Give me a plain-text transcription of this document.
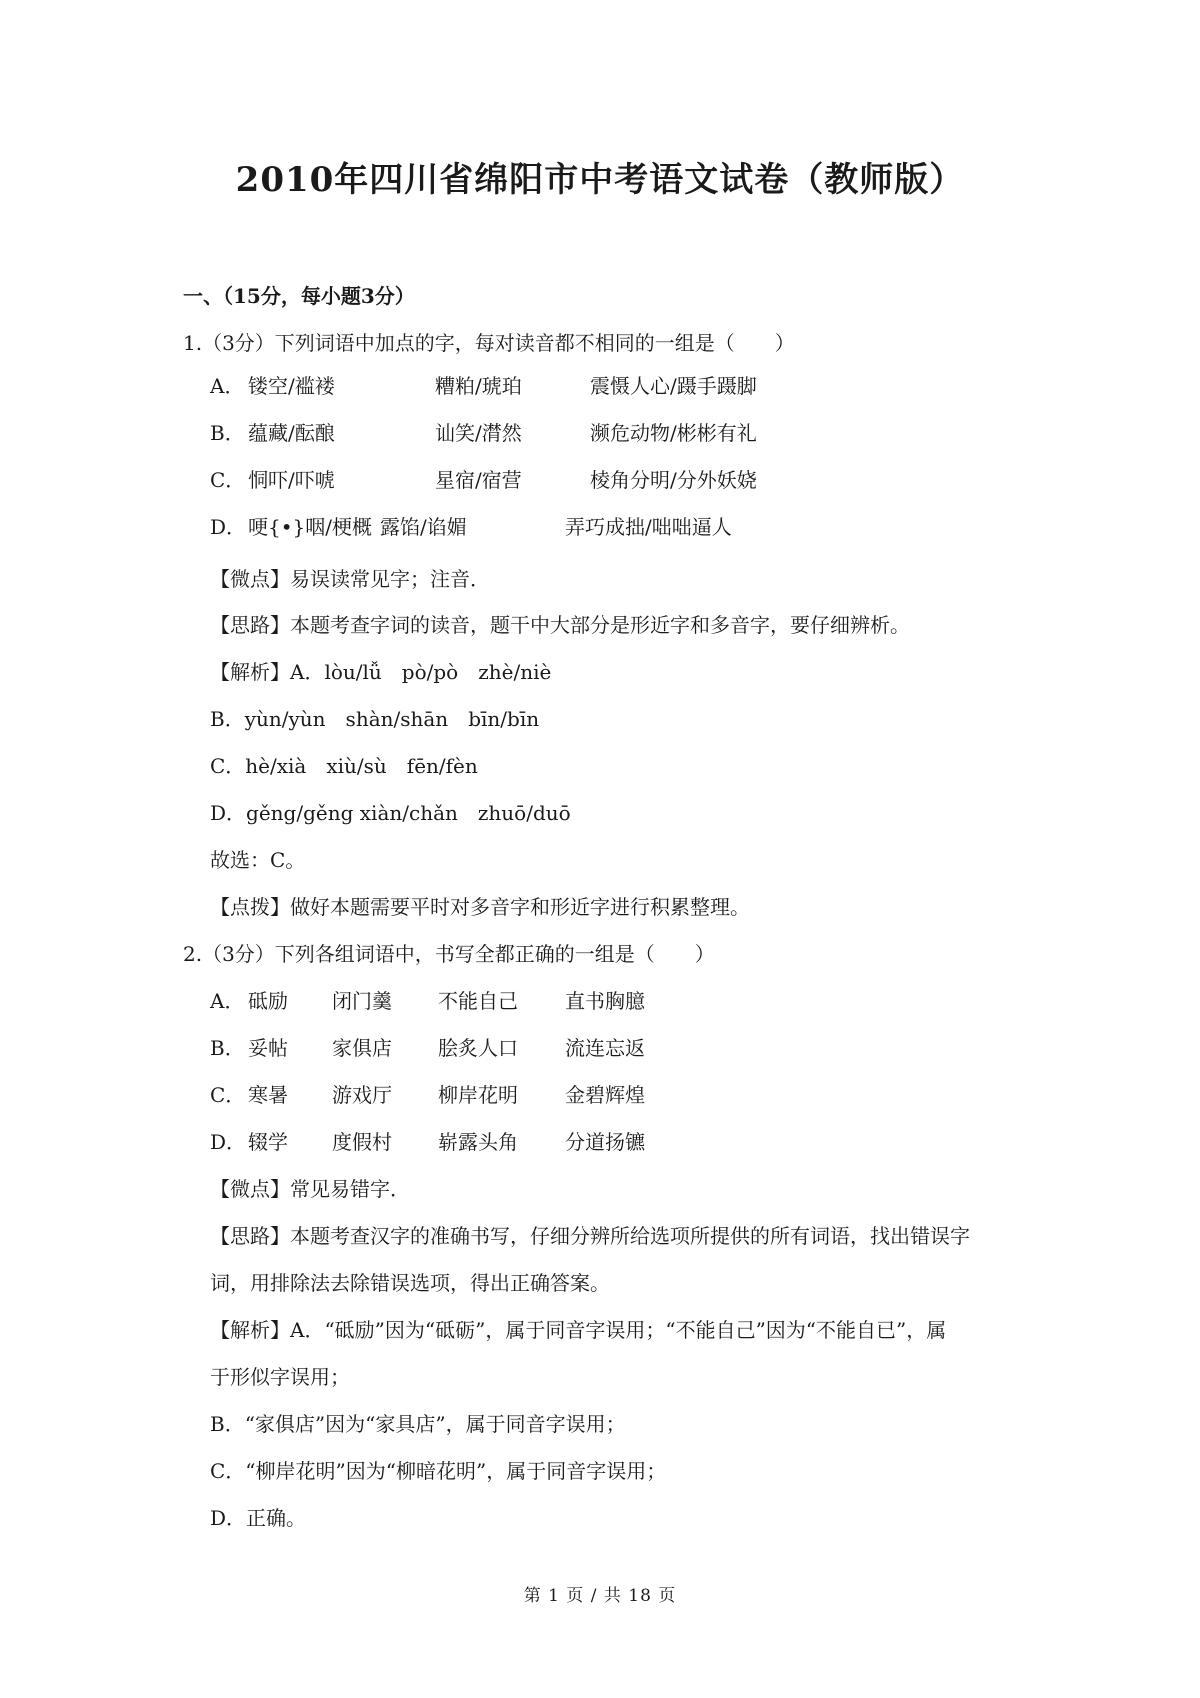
2010年四川省绵阳市中考语文试卷（教师版）
一、（15分，每小题3分）
1.（3分）下列词语中加点的字，每对读音都不相同的一组是（　　）
A． 镂空/褴褛	糟粕/琥珀	震慑人心/蹑手蹑脚
B． 蕴藏/酝酿	讪笑/潸然	濒危动物/彬彬有礼
C． 恫吓/吓唬	星宿/宿营	棱角分明/分外妖娆
D． 哽{•}咽/梗概 露馅/谄媚	弄巧成拙/咄咄逼人
【微点】易误读常见字；注音．
【思路】本题考查字词的读音，题干中大部分是形近字和多音字，要仔细辨析。
【解析】A．lòu/lǚ　pò/pò　zhè/niè
B．yùn/yùn　shàn/shān　bīn/bīn
C．hè/xià　xiù/sù　fēn/fèn
D．gěng/gěng xiàn/chǎn　zhuō/duō
故选：C。
【点拨】做好本题需要平时对多音字和形近字进行积累整理。
2.（3分）下列各组词语中，书写全都正确的一组是（　　）
A． 砥励 闭门羹 不能自己 直书胸臆
B． 妥帖 家俱店 脍炙人口 流连忘返
C． 寒暑 游戏厅 柳岸花明 金碧辉煌
D． 辍学 度假村 崭露头角 分道扬镳
【微点】常见易错字．
【思路】本题考查汉字的准确书写，仔细分辨所给选项所提供的所有词语，找出错误字
词，用排除法去除错误选项，得出正确答案。
【解析】A．“砥励”因为“砥砺”，属于同音字误用；“不能自己”因为“不能自已”，属
于形似字误用；
B．“家俱店”因为“家具店”，属于同音字误用；
C．“柳岸花明”因为“柳暗花明”，属于同音字误用；
D．正确。
第 1 页 / 共 18 页
